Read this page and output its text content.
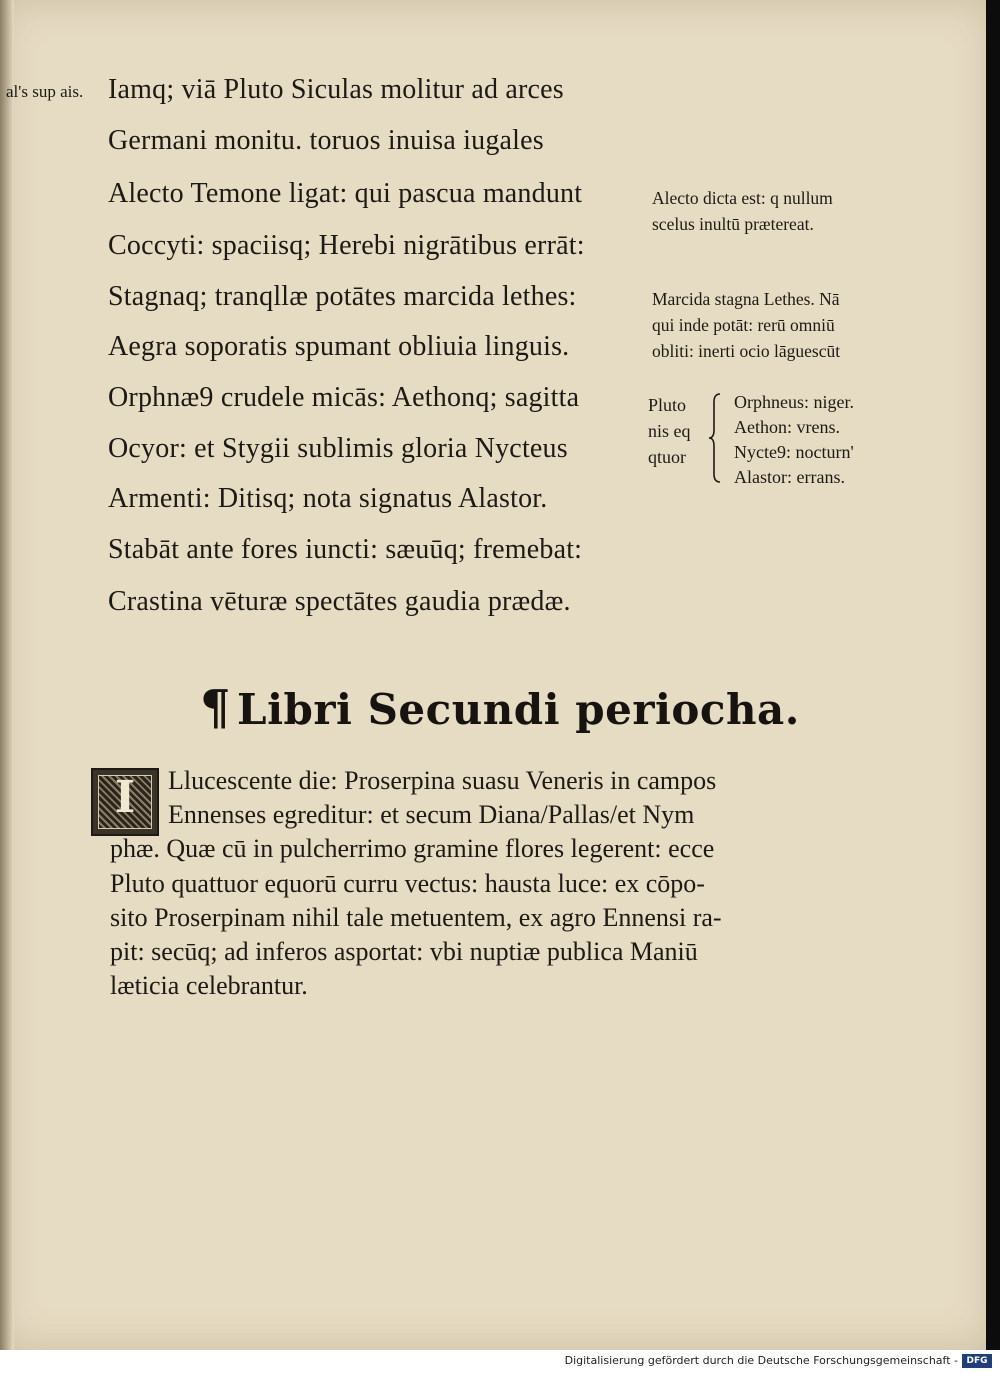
al's sup ais. Iamq; viā Pluto Siculas molitur ad arces
Germani monitu. toruos inuisa iugales
Alecto Temone ligat: qui pascua mandunt
Coccyti: spaciisq; Herebi nigrātibus errāt:
Stagnaq; tranqllæ potātes marcida lethes:
Aegra soporatis spumant obliuia linguis.
Orphnæ9 crudele micās: Aethonq; sagitta
Ocyor: et Stygii sublimis gloria Nycteus
Armenti: Ditisq; nota signatus Alastor.
Stabāt ante fores iuncti: sæuūq; fremebat:
Crastina vēturæ spectātes gaudia prædæ.
Alecto dicta est: q nullum
scelus inultū prætereat.
Marcida stagna Lethes. Nā
qui inde potāt: rerū omniū
obliti: inerti ocio lāguescūt
Pluto
nis eq
qtuor
Orphneus: niger.
Aethon: vrens.
Nycte9: nocturn'
Alastor: errans.
¶ Libri Secundi periocha.
I	Llucescente die: Proserpina suasu Veneris in campos
Ennenses egreditur: et secum Diana/Pallas/et Nym
phæ. Quæ cū in pulcherrimo gramine flores legerent: ecce
Pluto quattuor equorū curru vectus: hausta luce: ex cōpo-
sito Proserpinam nihil tale metuentem, ex agro Ennensi ra-
pit: secūq; ad inferos asportat: vbi nuptiæ publica Maniū
læticia celebrantur.
Digitalisierung gefördert durch die Deutsche Forschungsgemeinschaft - DFG
